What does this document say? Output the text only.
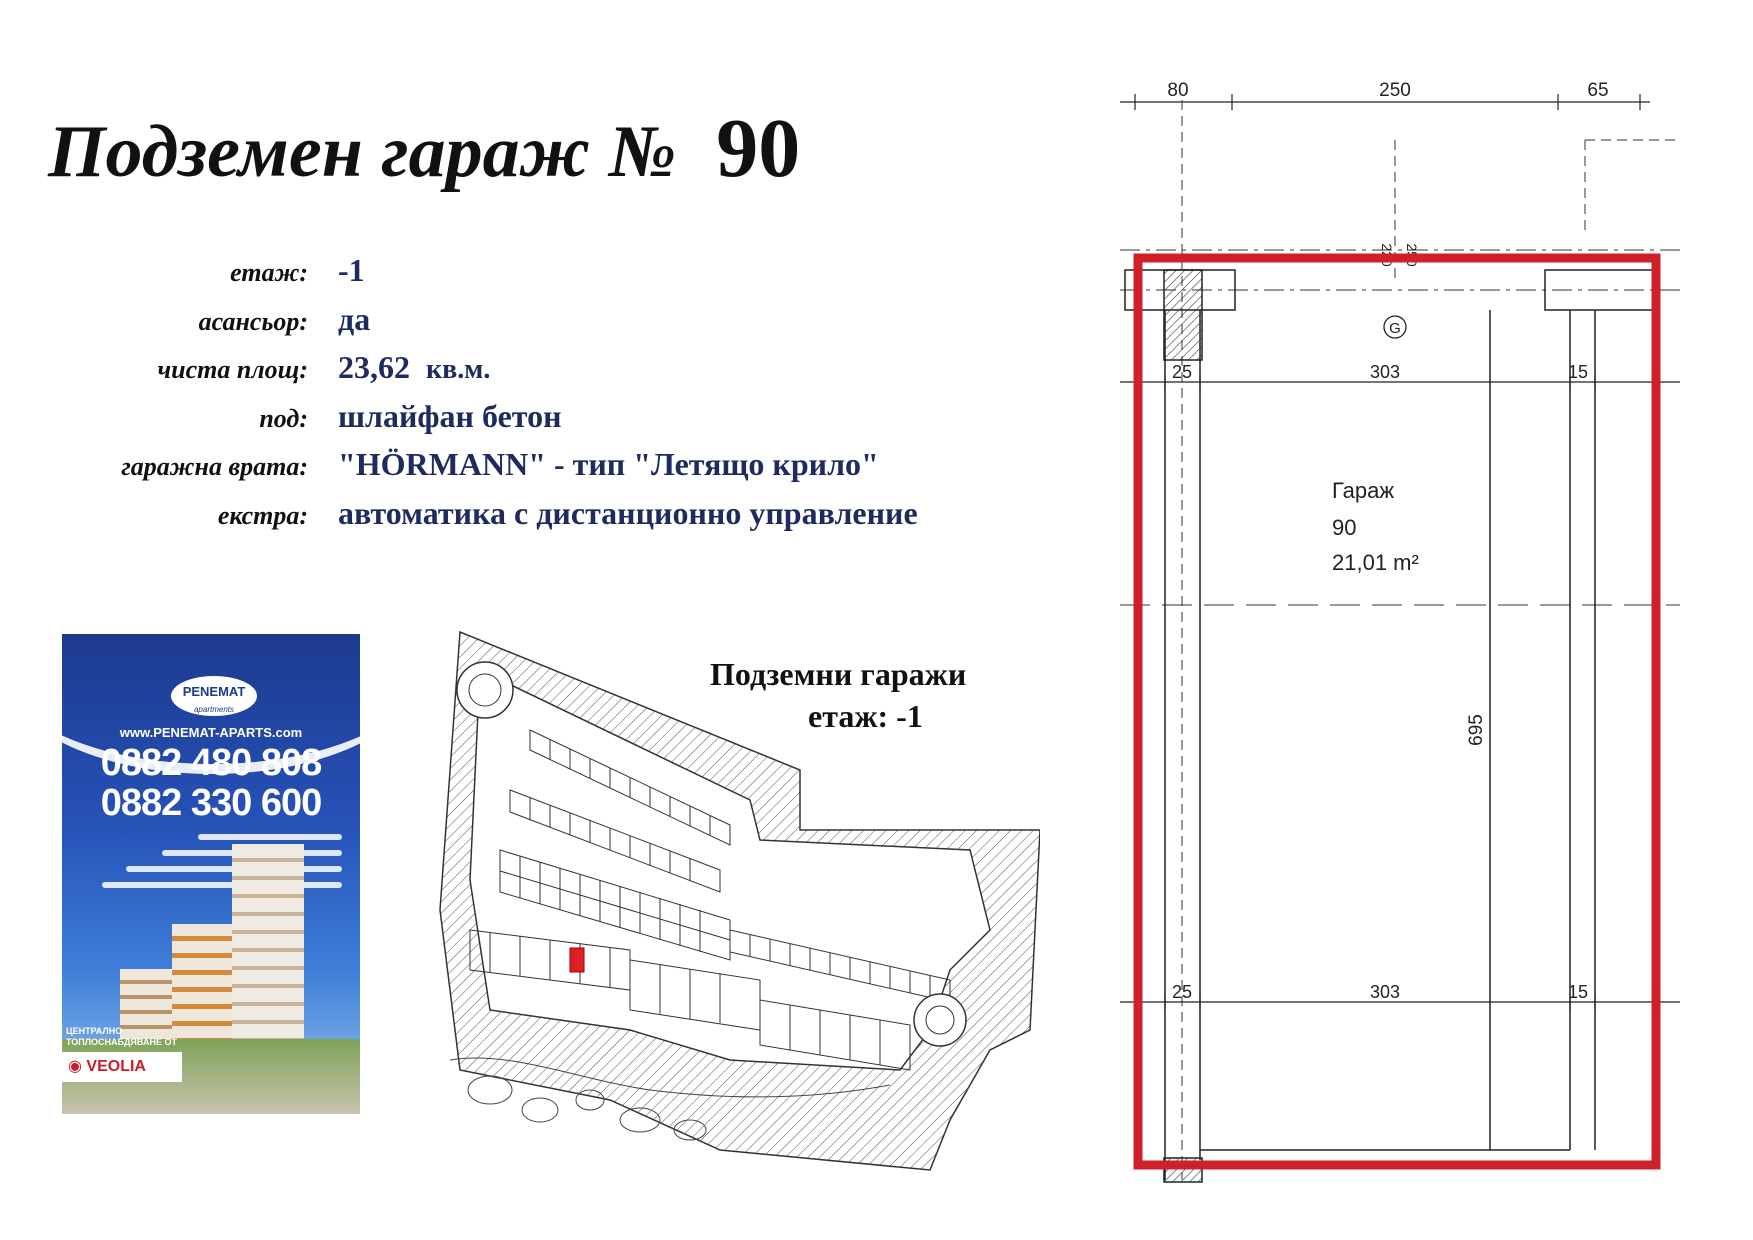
Подземен гараж № 90
етаж: -1
асансьор: да
чиста площ: 23,62 кв.м.
под: шлайфан бетон
гаражна врата: "HÖRMANN" - тип "Летящо крило"
екстра: автоматика с дистанционно управление
PENEMAT
apartments
www.PENEMAT-APARTS.com
0882 480 808
0882 330 600
ЦЕНТРАЛНО
ТОПЛОСНАБДЯВАНЕ ОТ
◉ VEOLIA
Подземни гаражи
етаж: -1
80	250	65
220 250
G
25	303	15
25	303	15
695
Гараж
90
21,01 m²
